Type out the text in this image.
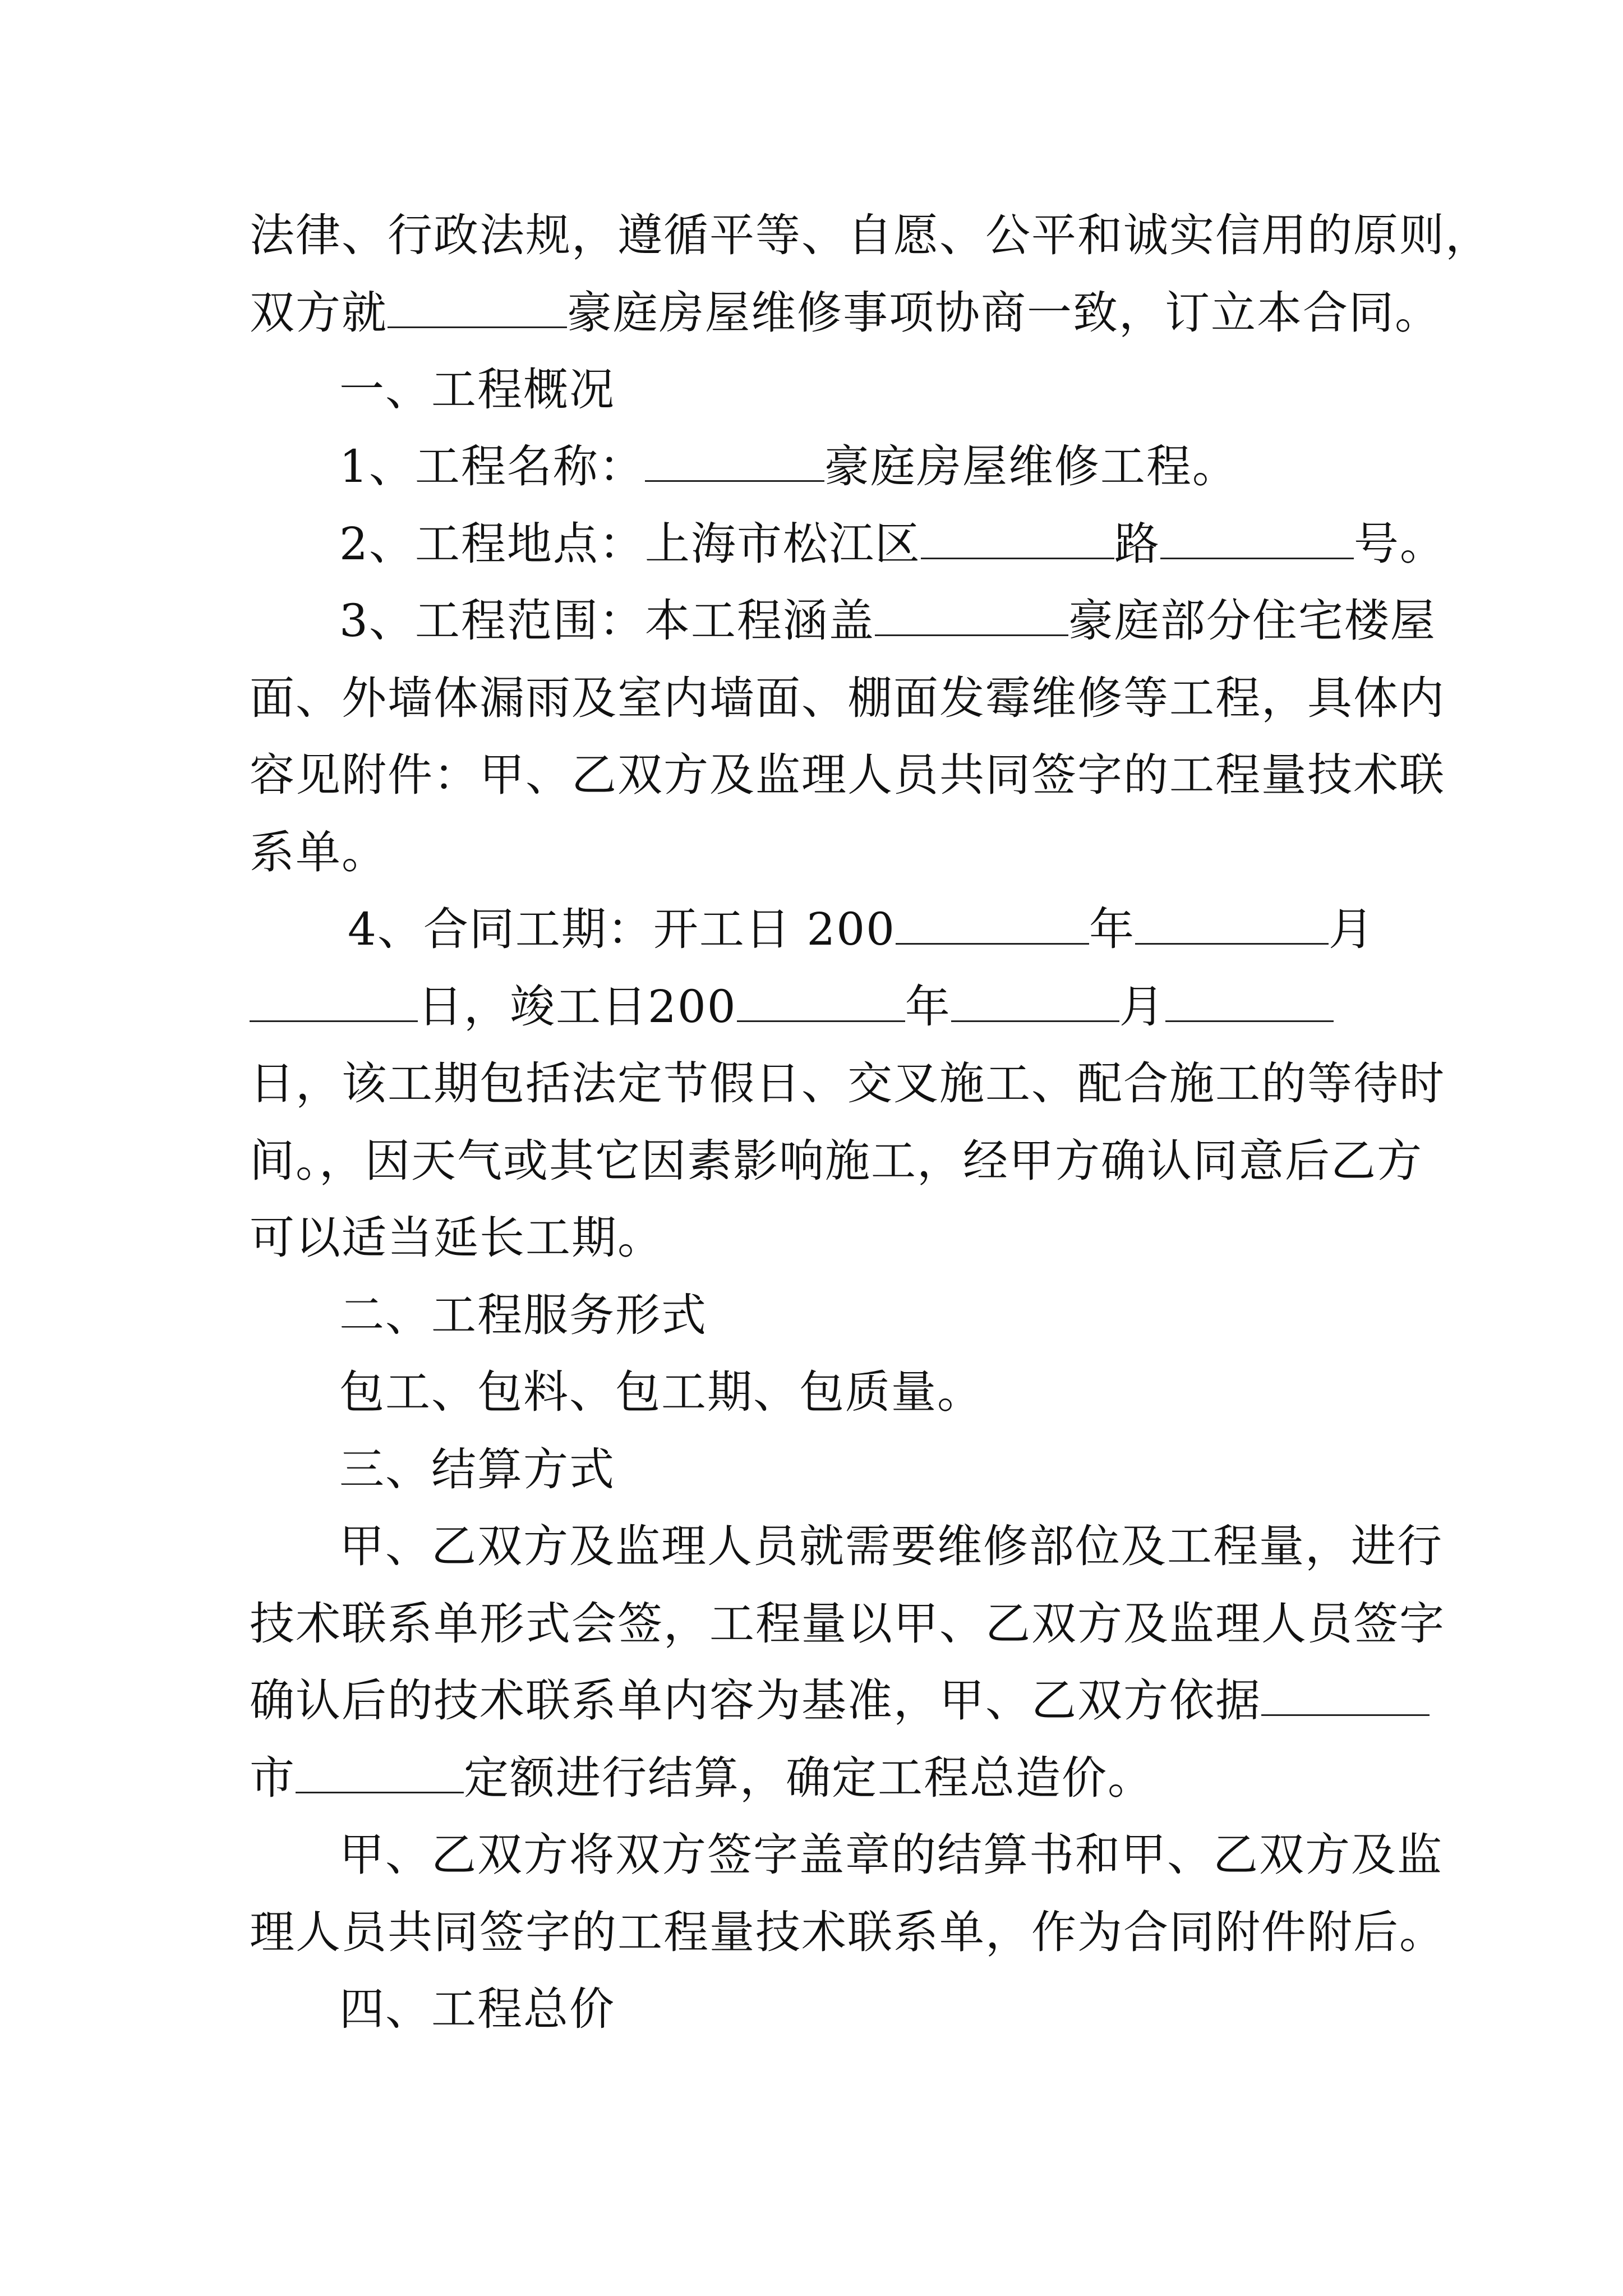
法律、行政法规，遵循平等、自愿、公平和诚实信用的原则，

双方就	豪庭房屋维修事项协商一致，订立本合同。

一、工程概况

1、工程名称：	豪庭房屋维修工程。

2、工程地点：上海市松江区	路	号。

3、工程范围：本工程涵盖	豪庭部分住宅楼屋

面、外墙体漏雨及室内墙面、棚面发霉维修等工程，具体内

容见附件：甲、乙双方及监理人员共同签字的工程量技术联

系单。

4、合同工期：开工日 200	年	月

日，竣工日200	年	月

日，该工期包括法定节假日、交叉施工、配合施工的等待时

间。，因天气或其它因素影响施工，经甲方确认同意后乙方

可以适当延长工期。

二、工程服务形式

包工、包料、包工期、包质量。

三、结算方式

甲、乙双方及监理人员就需要维修部位及工程量，进行

技术联系单形式会签，工程量以甲、乙双方及监理人员签字

确认后的技术联系单内容为基准，甲、乙双方依据

市	定额进行结算，确定工程总造价。

甲、乙双方将双方签字盖章的结算书和甲、乙双方及监

理人员共同签字的工程量技术联系单，作为合同附件附后。

四、工程总价
